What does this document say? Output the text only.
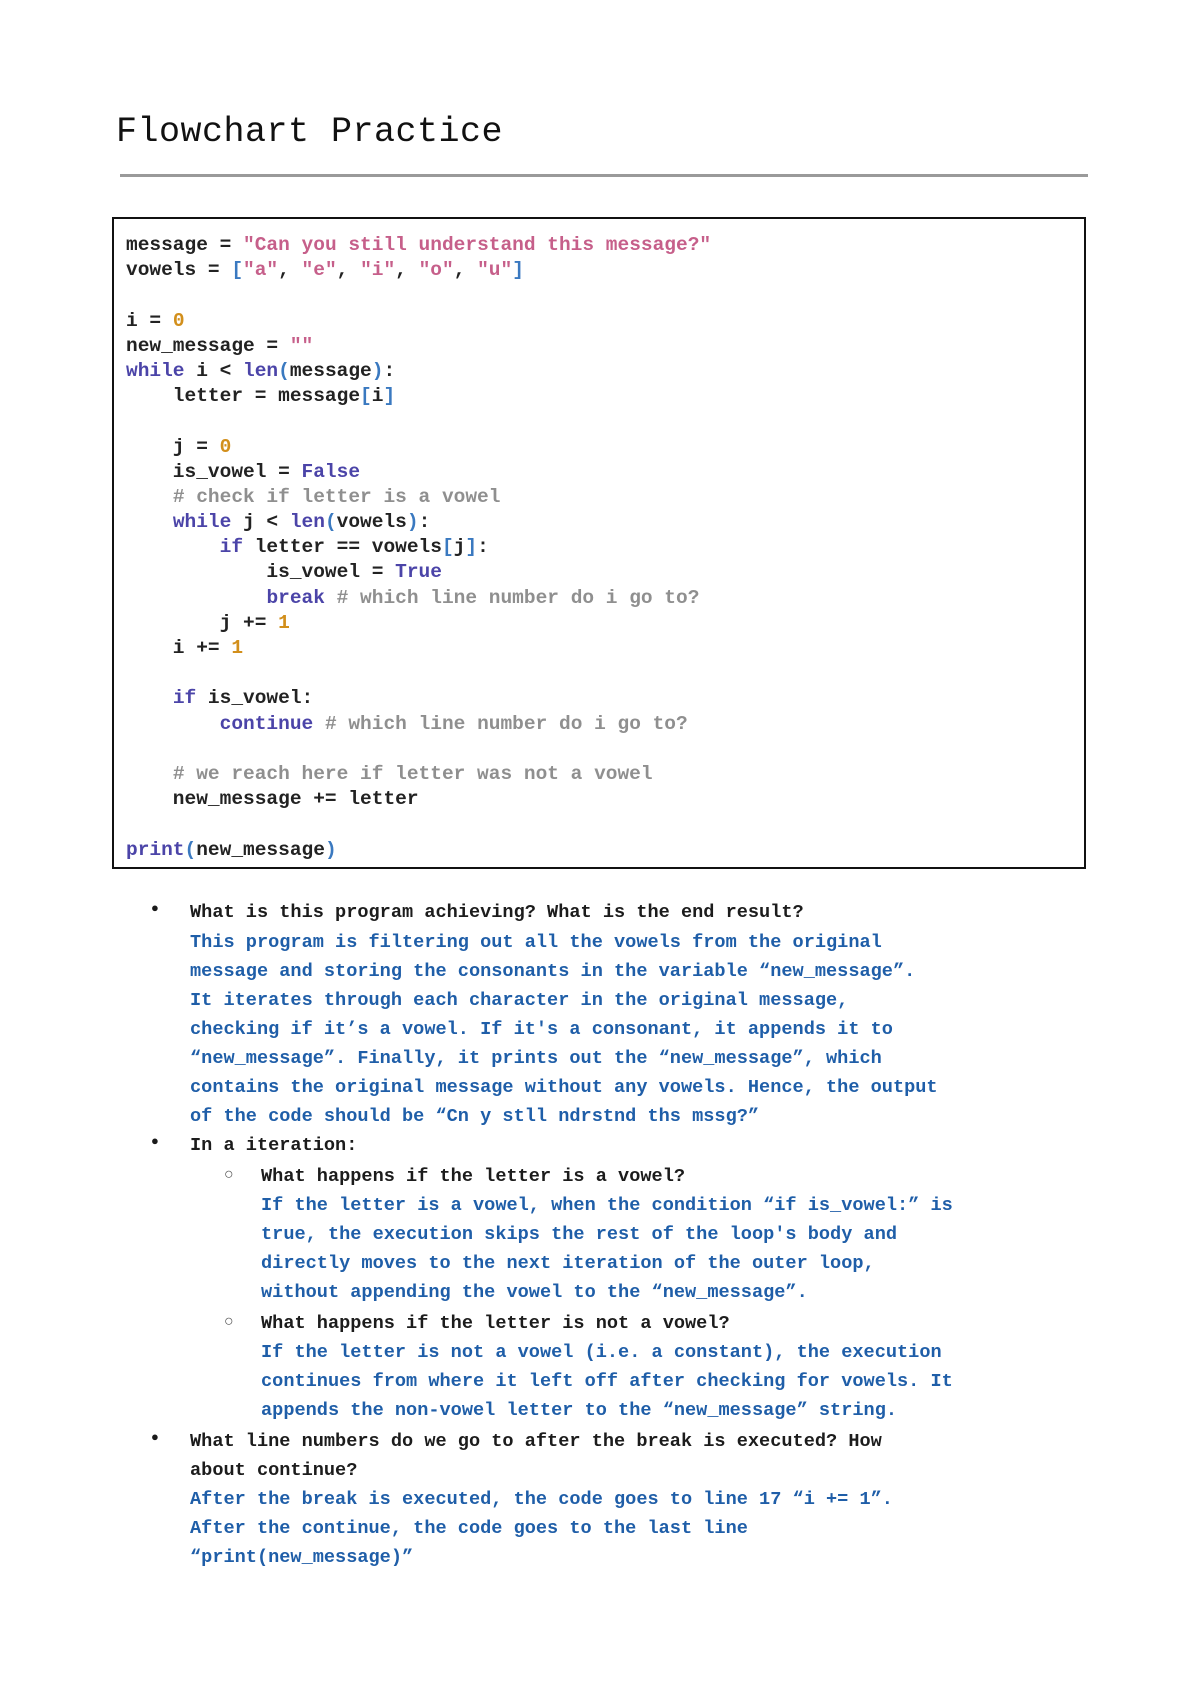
Flowchart Practice
message = "Can you still understand this message?"
vowels = ["a", "e", "i", "o", "u"]

i = 0
new_message = ""
while i < len(message):
letter = message[i]

j = 0
is_vowel = False
# check if letter is a vowel
while j < len(vowels):
if letter == vowels[j]:
is_vowel = True
break # which line number do i go to?
j += 1
i += 1

if is_vowel:
continue # which line number do i go to?

# we reach here if letter was not a vowel
new_message += letter

print(new_message)
● What is this program achieving? What is the end result?
This program is filtering out all the vowels from the original
message and storing the consonants in the variable “new_message”.
It iterates through each character in the original message,
checking if it’s a vowel. If it's a consonant, it appends it to
“new_message”. Finally, it prints out the “new_message”, which
contains the original message without any vowels. Hence, the output
of the code should be “Cn y stll ndrstnd ths mssg?”
● In a iteration:
○ What happens if the letter is a vowel?
If the letter is a vowel, when the condition “if is_vowel:” is
true, the execution skips the rest of the loop's body and
directly moves to the next iteration of the outer loop,
without appending the vowel to the “new_message”.
○ What happens if the letter is not a vowel?
If the letter is not a vowel (i.e. a constant), the execution
continues from where it left off after checking for vowels. It
appends the non-vowel letter to the “new_message” string.
● What line numbers do we go to after the break is executed? How
about continue?
After the break is executed, the code goes to line 17 “i += 1”.
After the continue, the code goes to the last line
“print(new_message)”
